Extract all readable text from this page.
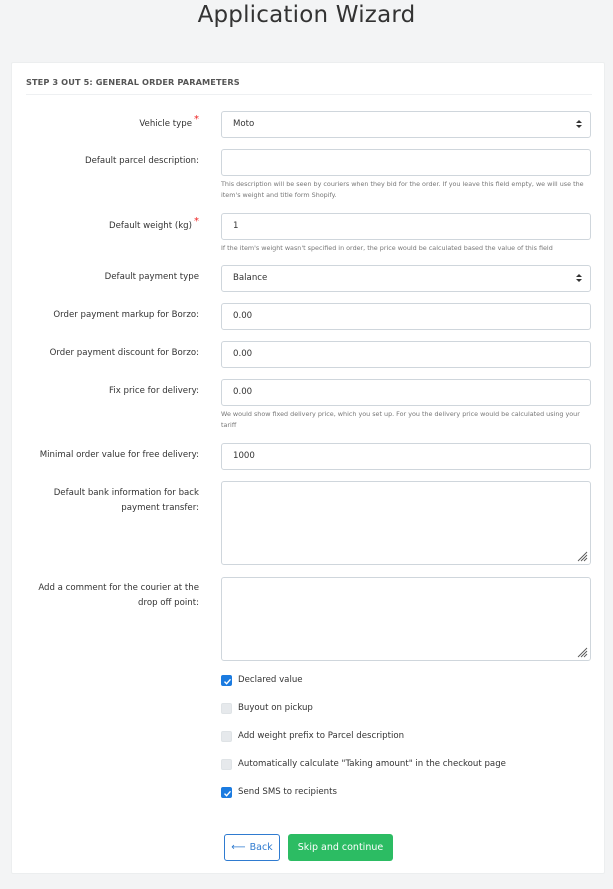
Application Wizard
STEP 3 OUT 5: GENERAL ORDER PARAMETERS
Vehicle type *	Moto
Default parcel description:
This description will be seen by couriers when they bid for the order. If you leave this field empty, we will use the item's weight and title form Shopify.
Default weight (kg) *	1
If the item's weight wasn't specified in order, the price would be calculated based the value of this field
Default payment type	Balance
Order payment markup for Borzo:	0.00
Order payment discount for Borzo:	0.00
Fix price for delivery:	0.00
We would show fixed delivery price, which you set up. For you the delivery price would be calculated using your tariff
Minimal order value for free delivery:	1000
Default bank information for back
payment transfer:
Add a comment for the courier at the
drop off point:
Declared value
Buyout on pickup
Add weight prefix to Parcel description
Automatically calculate "Taking amount" in the checkout page
Send SMS to recipients
⟵ Back	Skip and continue
